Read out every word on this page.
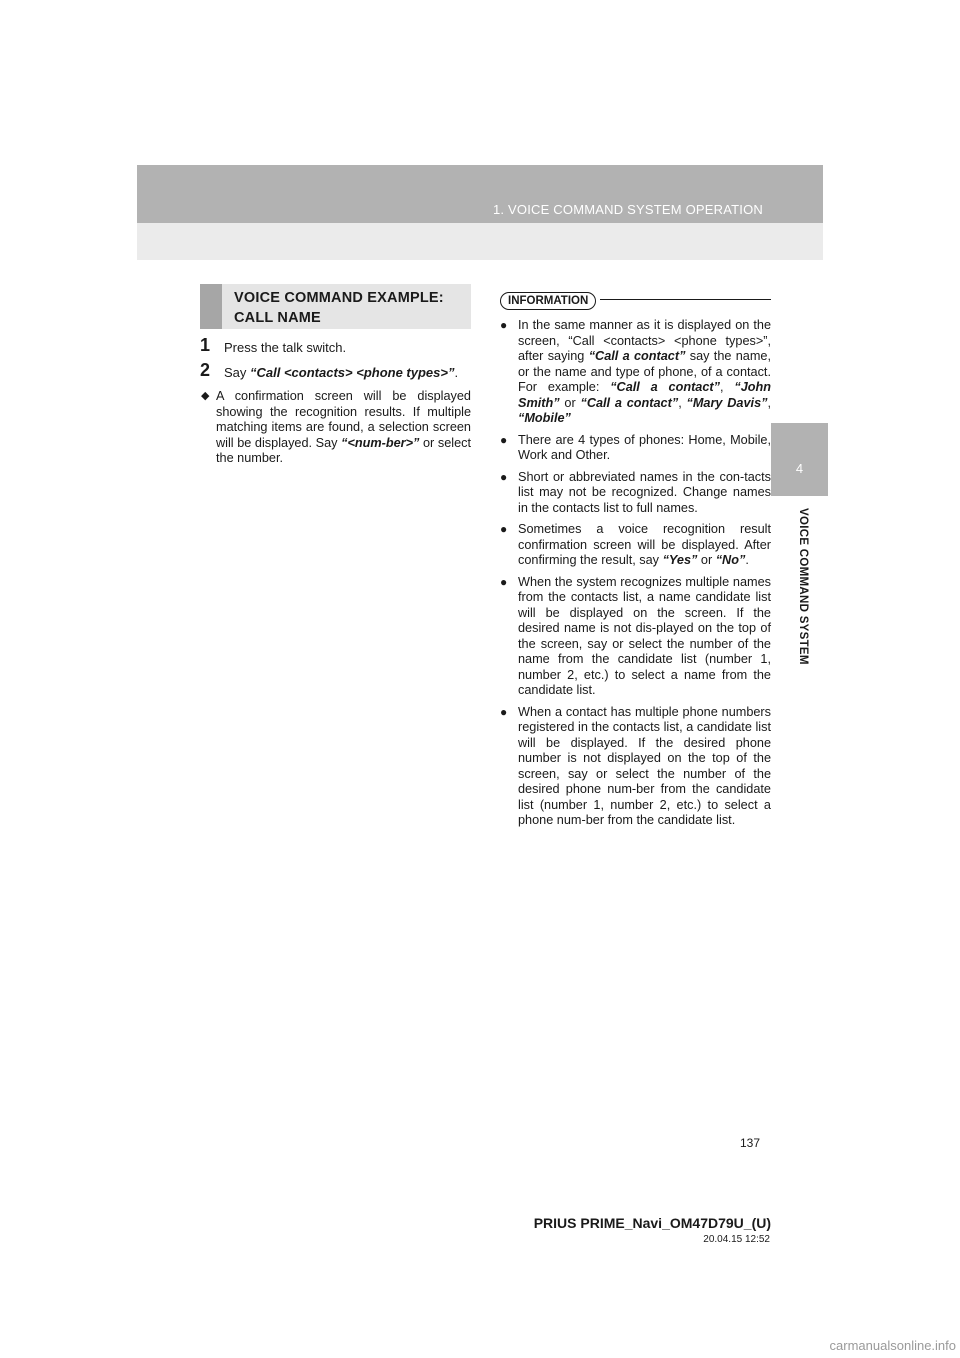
1. VOICE COMMAND SYSTEM OPERATION
4
VOICE COMMAND SYSTEM
VOICE COMMAND EXAMPLE: CALL NAME
1 Press the talk switch.
2 Say “Call <contacts> <phone types>”.
◆ A confirmation screen will be displayed showing the recognition results. If multiple matching items are found, a selection screen will be displayed. Say “<num-ber>” or select the number.
INFORMATION
● In the same manner as it is displayed on the screen, “Call <contacts> <phone types>”, after saying “Call a contact” say the name, or the name and type of phone, of a contact. For example: “Call a contact”, “John Smith” or “Call a contact”, “Mary Davis”, “Mobile”
● There are 4 types of phones: Home, Mobile, Work and Other.
● Short or abbreviated names in the con-tacts list may not be recognized. Change names in the contacts list to full names.
● Sometimes a voice recognition result confirmation screen will be displayed. After confirming the result, say “Yes” or “No”.
● When the system recognizes multiple names from the contacts list, a name candidate list will be displayed on the screen. If the desired name is not dis-played on the top of the screen, say or select the number of the name from the candidate list (number 1, number 2, etc.) to select a name from the candidate list.
● When a contact has multiple phone numbers registered in the contacts list, a candidate list will be displayed. If the desired phone number is not displayed on the top of the screen, say or select the number of the desired phone num-ber from the candidate list (number 1, number 2, etc.) to select a phone num-ber from the candidate list.
137
PRIUS PRIME_Navi_OM47D79U_(U)
20.04.15 12:52
carmanualsonline.info
